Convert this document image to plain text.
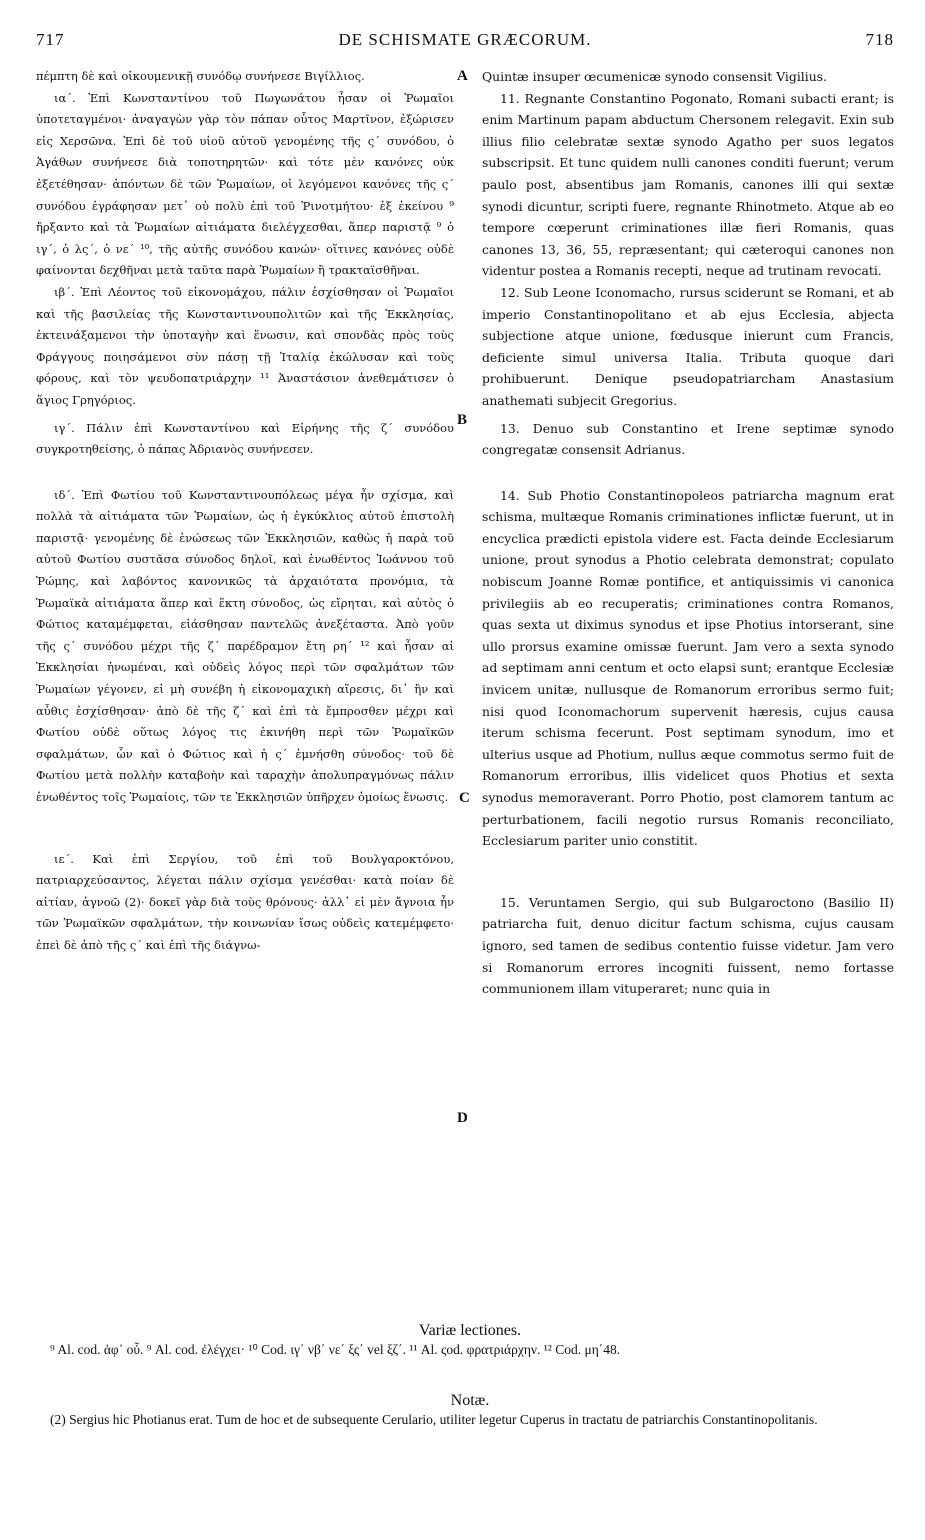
717	DE SCHISMATE GRÆCORUM.	718

πέμπτη δὲ καὶ οἰκουμενικῇ συνόδῳ συνήνεσε Βιγίλλιος.

ια΄. Ἐπὶ Κωνσταντίνου τοῦ Πωγωνάτου ἦσαν οἱ Ῥωμαῖοι ὑποτεταγμένοι· ἀναγαγὼν γὰρ τὸν πάπαν οὗτος Μαρτῖνον, ἐξώρισεν εἰς Χερσῶνα. Ἐπὶ δὲ τοῦ υἱοῦ αὐτοῦ γενομένης τῆς ς΄ συνόδου, ὁ Ἀγάθων συνήνεσε διὰ τοποτηρητῶν· καὶ τότε μὲν κανόνες οὐκ ἐξετέθησαν· ἀπόντων δὲ τῶν Ῥωμαίων, οἱ λεγόμενοι κανόνες τῆς ς΄ συνόδου ἐγράφησαν μετ᾽ οὐ πολὺ ἐπὶ τοῦ Ῥινοτμήτου· ἐξ ἐκείνου ⁹ ἤρξαντο καὶ τὰ Ῥωμαίων αἰτιάματα διελέγχεσθαι, ἅπερ παριστᾷ ⁹ ὁ ιγ΄, ὁ λς΄, ὁ νε΄ ¹⁰, τῆς αὐτῆς συνόδου κανών· οἵτινες κανόνες οὐδὲ φαίνονται δεχθῆναι μετὰ ταῦτα παρὰ Ῥωμαίων ἢ τρακταϊσθῆναι.

ιβ΄. Ἐπὶ Λέοντος τοῦ εἰκονομάχου, πάλιν ἐσχίσθησαν οἱ Ῥωμαῖοι καὶ τῆς βασιλείας τῆς Κωνσταντινουπολιτῶν καὶ τῆς Ἐκκλησίας, ἐκτεινάξαμενοι τὴν ὑποταγὴν καὶ ἕνωσιν, καὶ σπονδὰς πρὸς τοὺς Φράγγους ποιησάμενοι σὺν πάσῃ τῇ Ἰταλίᾳ ἐκώλυσαν καὶ τοὺς φόρους, καὶ τὸν ψευδοπατριάρχην ¹¹ Ἀναστάσιον ἀνεθεμάτισεν ὁ ἅγιος Γρηγόριος.

ιγ΄. Πάλιν ἐπὶ Κωνσταντίνου καὶ Εἰρήνης τῆς ζ΄ συνόδου συγκροτηθείσης, ὁ πάπας Ἀδριανὸς συνήνεσεν.

ιδ΄. Ἐπὶ Φωτίου τοῦ Κωνσταντινουπόλεως μέγα ἦν σχίσμα, καὶ πολλὰ τὰ αἰτιάματα τῶν Ῥωμαίων, ὡς ἡ ἐγκύκλιος αὐτοῦ ἐπιστολὴ παριστᾷ· γενομένης δὲ ἑνώσεως τῶν Ἐκκλησιῶν, καθὼς ἡ παρὰ τοῦ αὐτοῦ Φωτίου συστᾶσα σύνοδος δηλοῖ, καὶ ἑνωθέντος Ἰωάννου τοῦ Ῥώμης, καὶ λαβόντος κανονικῶς τὰ ἀρχαιότατα προνόμια, τὰ Ῥωμαϊκὰ αἰτιάματα ἅπερ καὶ ἕκτη σύνοδος, ὡς εἴρηται, καὶ αὐτὸς ὁ Φώτιος καταμέμφεται, εἰάσθησαν παντελῶς ἀνεξέταστα. Ἀπὸ γοῦν τῆς ς΄ συνόδου μέχρι τῆς ζ΄ παρέδραμον ἔτη ρη΄ ¹² καὶ ἦσαν αἱ Ἐκκλησίαι ἡνωμέναι, καὶ οὐδεὶς λόγος περὶ τῶν σφαλμάτων τῶν Ῥωμαίων γέγονεν, εἰ μὴ συνέβη ἡ εἰκονομαχικὴ αἵρεσις, δι᾽ ἣν καὶ αὖθις ἐσχίσθησαν· ἀπὸ δὲ τῆς ζ΄ καὶ ἐπὶ τὰ ἔμπροσθεν μέχρι καὶ Φωτίου οὐδὲ οὕτως λόγος τις ἐκινήθη περὶ τῶν Ῥωμαϊκῶν σφαλμάτων, ὧν καὶ ὁ Φώτιος καὶ ἡ ς΄ ἐμνήσθη σύνοδος· τοῦ δὲ Φωτίου μετὰ πολλὴν καταβοὴν καὶ ταραχὴν ἀπολυπραγμόνως πάλιν ἑνωθέντος τοῖς Ῥωμαίοις, τῶν τε Ἐκκλησιῶν ὑπῆρχεν ὁμοίως ἕνωσις.

ιε΄. Καὶ ἐπὶ Σεργίου, τοῦ ἐπὶ τοῦ Βουλγαροκτόνου, πατριαρχεύσαντος, λέγεται πάλιν σχίσμα γενέσθαι· κατὰ ποίαν δὲ αἰτίαν, ἀγνοῶ (2)· δοκεῖ γὰρ διὰ τοὺς θρόνους· ἀλλ᾽ εἰ μὲν ἄγνοια ἦν τῶν Ῥωμαϊκῶν σφαλμάτων, τὴν κοινωνίαν ἴσως οὐδεὶς κατεμέμφετο· ἐπεὶ δὲ ἀπὸ τῆς ς΄ καὶ ἐπὶ τῆς διάγνω-

Quintæ insuper œcumenicæ synodo consensit Vigilius.

11. Regnante Constantino Pogonato, Romani subacti erant; is enim Martinum papam abductum Chersonem relegavit. Exin sub illius filio celebratæ sextæ synodo Agatho per suos legatos subscripsit. Et tunc quidem nulli canones conditi fuerunt; verum paulo post, absentibus jam Romanis, canones illi qui sextæ synodi dicuntur, scripti fuere, regnante Rhinotmeto. Atque ab eo tempore cœperunt criminationes illæ fieri Romanis, quas canones 13, 36, 55, repræsentant; qui cæteroqui canones non videntur postea a Romanis recepti, neque ad trutinam revocati.

12. Sub Leone Iconomacho, rursus sciderunt se Romani, et ab imperio Constantinopolitano et ab ejus Ecclesia, abjecta subjectione atque unione, fœdusque inierunt cum Francis, deficiente simul universa Italia. Tributa quoque dari prohibuerunt. Denique pseudopatriarcham Anastasium anathemati subjecit Gregorius.

13. Denuo sub Constantino et Irene septimæ synodo congregatæ consensit Adrianus.

14. Sub Photio Constantinopoleos patriarcha magnum erat schisma, multæque Romanis criminationes inflictæ fuerunt, ut in encyclica prædicti epistola videre est. Facta deinde Ecclesiarum unione, prout synodus a Photio celebrata demonstrat; copulato nobiscum Joanne Romæ pontifice, et antiquissimis vi canonica privilegiis ab eo recuperatis; criminationes contra Romanos, quas sexta ut diximus synodus et ipse Photius intorserant, sine ullo prorsus examine omissæ fuerunt. Jam vero a sexta synodo ad septimam anni centum et octo elapsi sunt; erantque Ecclesiæ invicem unitæ, nullusque de Romanorum erroribus sermo fuit; nisi quod Iconomachorum supervenit hæresis, cujus causa iterum schisma fecerunt. Post septimam synodum, imo et ulterius usque ad Photium, nullus æque commotus sermo fuit de Romanorum erroribus, illis videlicet quos Photius et sexta synodus memoraverant. Porro Photio, post clamorem tantum ac perturbationem, facili negotio rursus Romanis reconciliato, Ecclesiarum pariter unio constitit.

15. Veruntamen Sergio, qui sub Bulgaroctono (Basilio II) patriarcha fuit, denuo dicitur factum schisma, cujus causam ignoro, sed tamen de sedibus contentio fuisse videtur. Jam vero si Romanorum errores incogniti fuissent, nemo fortasse communionem illam vituperaret; nunc quia in

A
B
C
D
Variæ lectiones.

⁹ Al. cod. ἀφ᾽ οὗ. ⁹ Al. cod. ἐλέγχει· ¹⁰ Cod. ιγ΄ νβ΄ νε΄ ξς΄ vel ξζ΄. ¹¹ Al. ςod. φρατριάρχην. ¹² Cod. μη΄48.

Notæ.

(2) Sergius hic Photianus erat. Tum de hoc et de subsequente Cerulario, utiliter legetur Cuperus in tractatu de patriarchis Constantinopolitanis.
